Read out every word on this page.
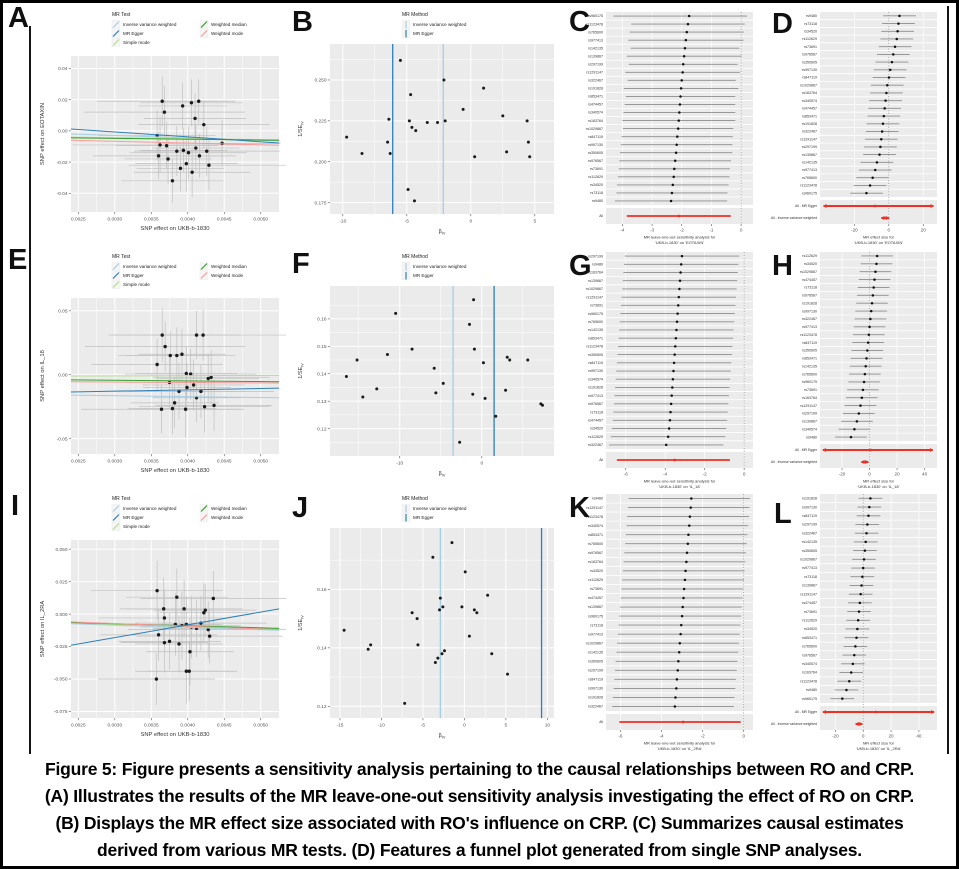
A	B	C	D
E	F	G	H
I	J	K	L
0.0025	0.0030	0.0035	0.0040	0.0045	0.0050
0.04
0.02
0.00
-0.02
-0.04
SNP effect on UKB-b-1830
SNP effect on EOTAXIN
MR Test
Inverse variance weighted
MR Egger
Simple mode
Weighted median
Weighted mode
-10	-5	0	5
0.175
0.200
0.225
0.250
$\beta_{IV}$
$1/SE_{IV}$
MR Method
Inverse variance weighted
MR Egger
rs960175
rs1123478
rs765600
rs977413
rs142135
rs139867
rs297199
rs1291147
rs322467
rs191828
rs853471
rs474457
rs340574
rs163764
rs1029867
rs847119
rs997130
rs350605
rs976567
rs73691
rs112629
rs34520
rs73118
rs9480
All
-4	-3	-2	-1	0
MR leave-one-out sensitivity analysis for
'UKB-b-1830' on 'EOTAXIN'
rs9480
rs73118
rs34520
rs112629
rs73691
rs976567
rs350605
rs997130
rs847119
rs1029867
rs163764
rs340574
rs474457
rs853471
rs191828
rs322467
rs1291147
rs297199
rs139867
rs142135
rs977413
rs765600
rs1123478
rs960175
All - MR Egger
All - Inverse variance weighted
-20	0	20
MR effect size for
'UKB-b-1830' on 'EOTAXIN'
0.0025	0.0030	0.0035	0.0040	0.0045	0.0050
0.05
0.00
-0.05
SNP effect on UKB-b-1830
SNP effect on IL_18
MR Test
Inverse variance weighted
MR Egger
Simple mode
Weighted median
Weighted mode
-10	0
0.12
0.13
0.14
0.15
0.16
$\beta_{IV}$
$1/SE_{IV}$
MR Method
Inverse variance weighted
MR Egger
rs297199
rs9480
rs163764
rs139867
rs1029867
rs1291147
rs73691
rs960175
rs765600
rs142135
rs853471
rs1123478
rs350605
rs847119
rs997130
rs340574
rs191828
rs977413
rs976567
rs73118
rs474457
rs34520
rs112629
rs322467
All
-6	-4	-2	0
MR leave-one-out sensitivity analysis for
'UKB-b-1830' on 'IL_18'
rs112629
rs34520
rs1029867
rs474457
rs73118
rs976567
rs191828
rs997130
rs322467
rs977413
rs1123478
rs847119
rs350605
rs853471
rs142135
rs765600
rs960175
rs73691
rs163764
rs1291147
rs297199
rs139867
rs340574
rs9480
All - MR Egger
All - Inverse variance weighted
-20	0	20	40
MR effect size for
'UKB-b-1830' on 'IL_18'
0.0025	0.0030	0.0035	0.0040	0.0045	0.0050
0.050
0.025
0.000
-0.025
-0.050
-0.075
SNP effect on UKB-b-1830
SNP effect on IL_2RA
MR Test
Inverse variance weighted
MR Egger
Simple mode
Weighted median
Weighted mode
-15	-10	-5	0	5	10
0.12
0.14
0.16
$\beta_{IV}$
$1/SE_{IV}$
MR Method
Inverse variance weighted
MR Egger
rs9480
rs1291147
rs1123478
rs340574
rs853471
rs765600
rs976567
rs163764
rs34520
rs112629
rs73691
rs474457
rs139867
rs960175
rs73118
rs977413
rs1029867
rs142135
rs350605
rs297199
rs847119
rs997130
rs191828
rs322467
All
-6	-4	-2	0
MR leave-one-out sensitivity analysis for
'UKB-b-1830' on 'IL_2RA'
rs191828
rs997130
rs847119
rs297199
rs322467
rs142135
rs350605
rs1029867
rs977413
rs73118
rs139867
rs1291147
rs474457
rs73691
rs112629
rs34520
rs853471
rs765600
rs976567
rs340574
rs163764
rs1123478
rs9480
rs960175
All - MR Egger
All - Inverse variance weighted
-20	0	20	40
MR effect size for
'UKB-b-1830' on 'IL_2RA'
Figure 5: Figure presents a sensitivity analysis pertaining to the causal relationships between RO and CRP.
(A) Illustrates the results of the MR leave-one-out sensitivity analysis investigating the effect of RO on CRP.
(B) Displays the MR effect size associated with RO's influence on CRP. (C) Summarizes causal estimates
derived from various MR tests. (D) Features a funnel plot generated from single SNP analyses.
